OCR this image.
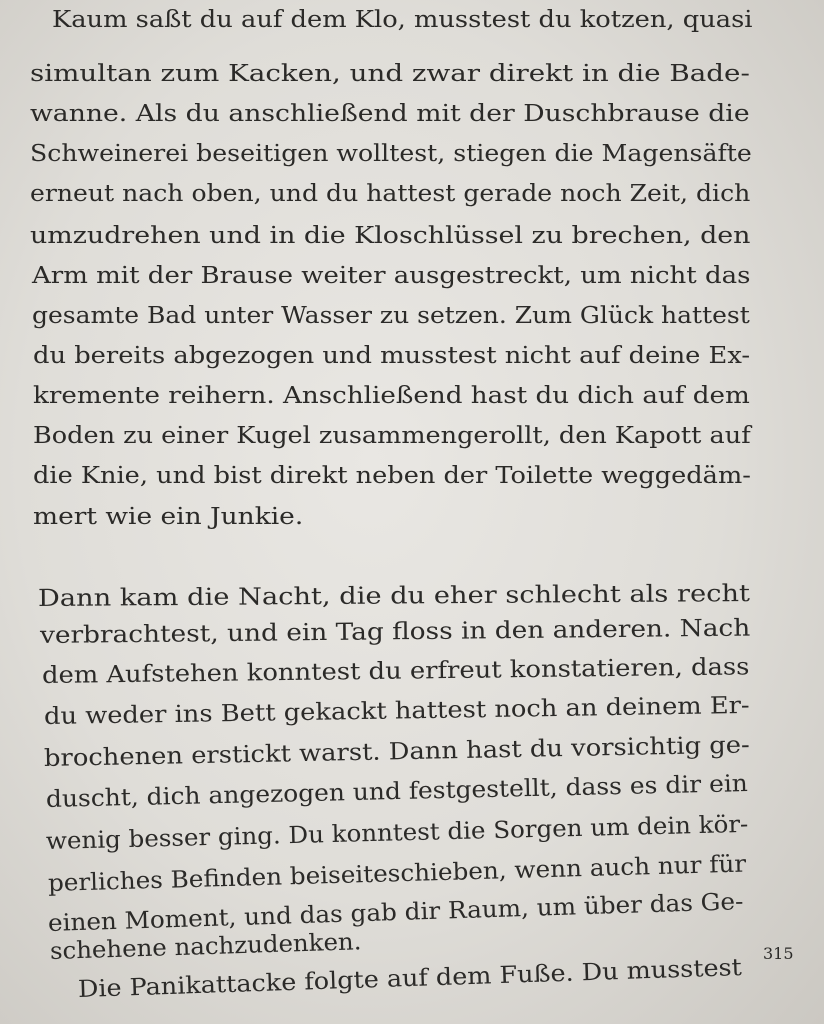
Kaum saßt du auf dem Klo, musstest du kotzen, quasi
simultan zum Kacken, und zwar direkt in die Bade-
wanne. Als du anschließend mit der Duschbrause die
Schweinerei beseitigen wolltest, stiegen die Magensäfte
erneut nach oben, und du hattest gerade noch Zeit, dich
umzudrehen und in die Kloschlüssel zu brechen, den
Arm mit der Brause weiter ausgestreckt, um nicht das
gesamte Bad unter Wasser zu setzen. Zum Glück hattest
du bereits abgezogen und musstest nicht auf deine Ex-
kremente reihern. Anschließend hast du dich auf dem
Boden zu einer Kugel zusammengerollt, den Kapott auf
die Knie, und bist direkt neben der Toilette weggedäm-
mert wie ein Junkie.
Dann kam die Nacht, die du eher schlecht als recht
verbrachtest, und ein Tag floss in den anderen. Nach
dem Aufstehen konntest du erfreut konstatieren, dass
du weder ins Bett gekackt hattest noch an deinem Er-
brochenen erstickt warst. Dann hast du vorsichtig ge-
duscht, dich angezogen und festgestellt, dass es dir ein
wenig besser ging. Du konntest die Sorgen um dein kör-
perliches Befinden beiseiteschieben, wenn auch nur für
einen Moment, und das gab dir Raum, um über das Ge-
schehene nachzudenken.
Die Panikattacke folgte auf dem Fuße. Du musstest 315
